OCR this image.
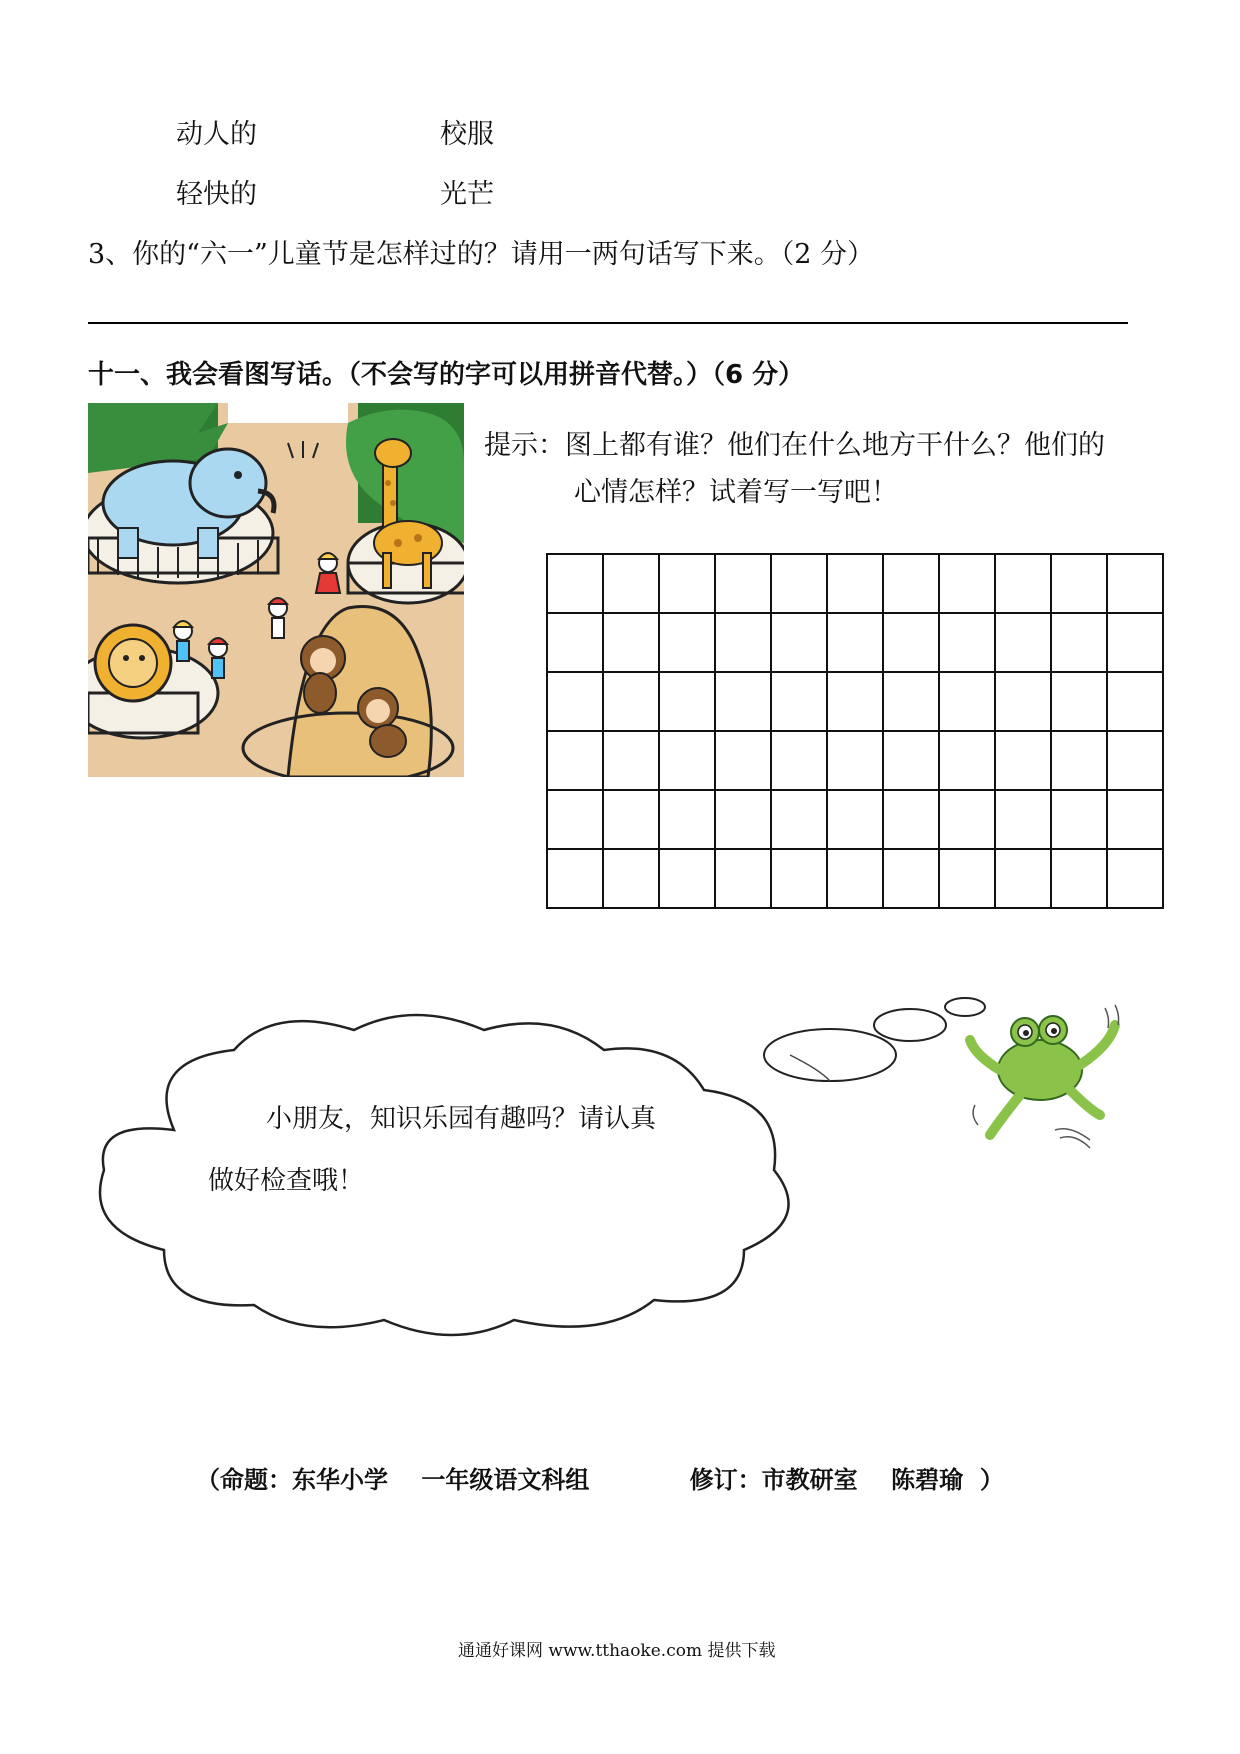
动人的	校服
轻快的	光芒
3、你的“六一”儿童节是怎样过的？请用一两句话写下来。（2 分）
十一、我会看图写话。（不会写的字可以用拼音代替。）（6 分）
提示：图上都有谁？他们在什么地方干什么？他们的
心情怎样？试着写一写吧！
小朋友，知识乐园有趣吗？请认真
做好检查哦！
（命题：东华小学    一年级语文科组            修订：市教研室    陈碧瑜  ）
通通好课网 www.tthaoke.com 提供下载
